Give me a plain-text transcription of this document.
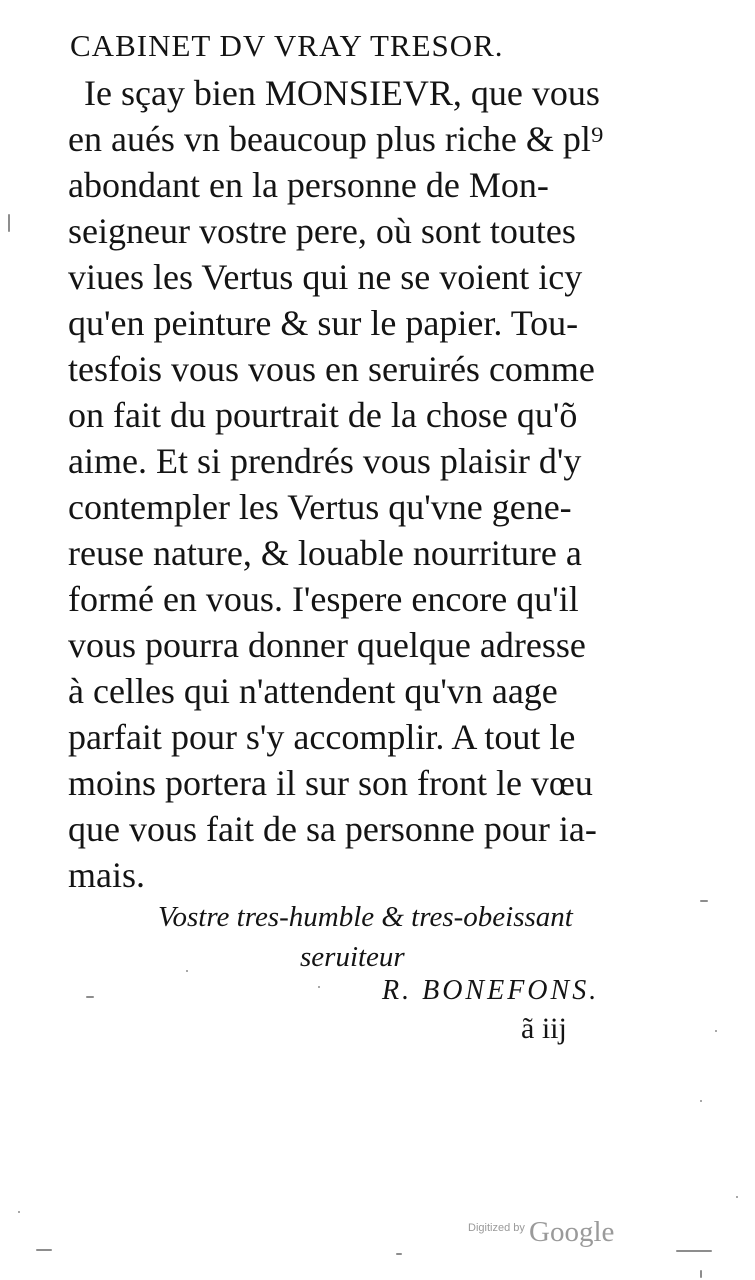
CABINET DV VRAY TRESOR.
Ie sçay bien MONSIEVR, que vous
en aués vn beaucoup plus riche & pl⁹
abondant en la personne de Mon-
seigneur vostre pere, où sont toutes
viues les Vertus qui ne se voient icy
qu'en peinture & sur le papier. Tou-
tesfois vous vous en seruirés comme
on fait du pourtrait de la chose qu'õ
aime. Et si prendrés vous plaisir d'y
contempler les Vertus qu'vne gene-
reuse nature, & louable nourriture a
formé en vous. I'espere encore qu'il
vous pourra donner quelque adresse
à celles qui n'attendent qu'vn aage
parfait pour s'y accomplir. A tout le
moins portera il sur son front le vœu
que vous fait de sa personne pour ia-
mais.
Vostre tres-humble & tres-obeissant
seruiteur
R. BONEFONS.
ã iij
Digitized by Google
